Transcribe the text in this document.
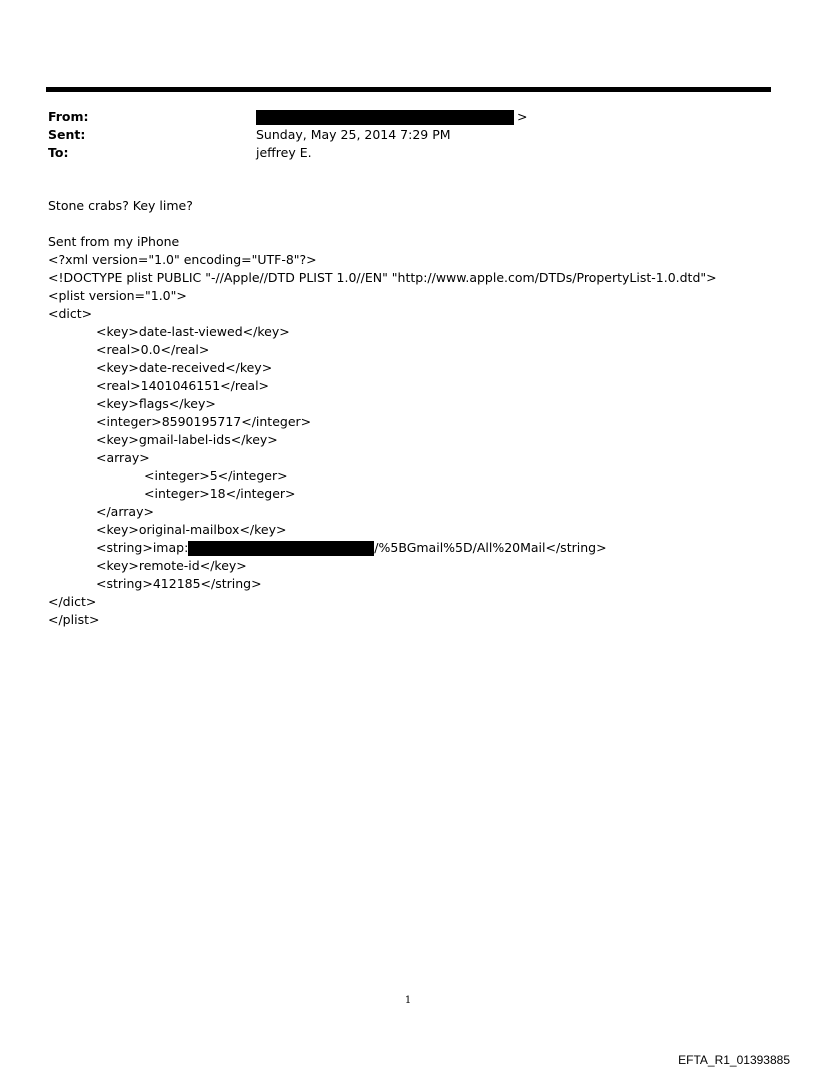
From:	>
Sent:	Sunday, May 25, 2014 7:29 PM
To:	jeffrey E.
Stone crabs? Key lime?
Sent from my iPhone
<?xml version="1.0" encoding="UTF-8"?>
<!DOCTYPE plist PUBLIC "-//Apple//DTD PLIST 1.0//EN" "http://www.apple.com/DTDs/PropertyList-1.0.dtd">
<plist version="1.0">
<dict>
<key>date-last-viewed</key>
<real>0.0</real>
<key>date-received</key>
<real>1401046151</real>
<key>flags</key>
<integer>8590195717</integer>
<key>gmail-label-ids</key>
<array>
<integer>5</integer>
<integer>18</integer>
</array>
<key>original-mailbox</key>
<string>imap:	/%5BGmail%5D/All%20Mail</string>
<key>remote-id</key>
<string>412185</string>
</dict>
</plist>
1
EFTA_R1_01393885
